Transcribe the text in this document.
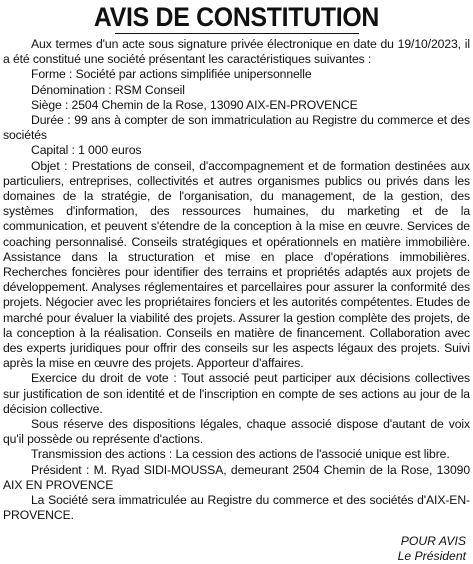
AVIS DE CONSTITUTION

Aux termes d'un acte sous signature privée électronique en date du 19/10/2023, il a été constitué une société présentant les caractéristiques suivantes :

Forme : Société par actions simplifiée unipersonnelle

Dénomination : RSM Conseil

Siège : 2504 Chemin de la Rose, 13090 AIX-EN-PROVENCE

Durée : 99 ans à compter de son immatriculation au Registre du commerce et des sociétés

Capital : 1 000 euros

Objet : Prestations de conseil, d'accompagnement et de formation destinées aux particuliers, entreprises, collectivités et autres organismes publics ou privés dans les domaines de la stratégie, de l'organisation, du management, de la gestion, des systèmes d'information, des ressources humaines, du marketing et de la communication, et peuvent s'étendre de la conception à la mise en œuvre. Services de coaching personnalisé. Conseils stratégiques et opérationnels en matière immobilière. Assistance dans la structuration et mise en place d'opérations immobilières. Recherches foncières pour identifier des terrains et propriétés adaptés aux projets de développement. Analyses réglementaires et parcellaires pour assurer la conformité des projets. Négocier avec les propriétaires fonciers et les autorités compétentes. Etudes de marché pour évaluer la viabilité des projets. Assurer la gestion complète des projets, de la conception à la réalisation. Conseils en matière de financement. Collaboration avec des experts juridiques pour offrir des conseils sur les aspects légaux des projets. Suivi après la mise en œuvre des projets. Apporteur d'affaires.

Exercice du droit de vote : Tout associé peut participer aux décisions collectives sur justification de son identité et de l'inscription en compte de ses actions au jour de la décision collective.

Sous réserve des dispositions légales, chaque associé dispose d'autant de voix qu'il possède ou représente d'actions.

Transmission des actions : La cession des actions de l'associé unique est libre.

Président : M. Ryad SIDI-MOUSSA, demeurant 2504 Chemin de la Rose, 13090 AIX EN PROVENCE

La Société sera immatriculée au Registre du commerce et des sociétés d'AIX-EN-PROVENCE.

POUR AVIS
Le Président
